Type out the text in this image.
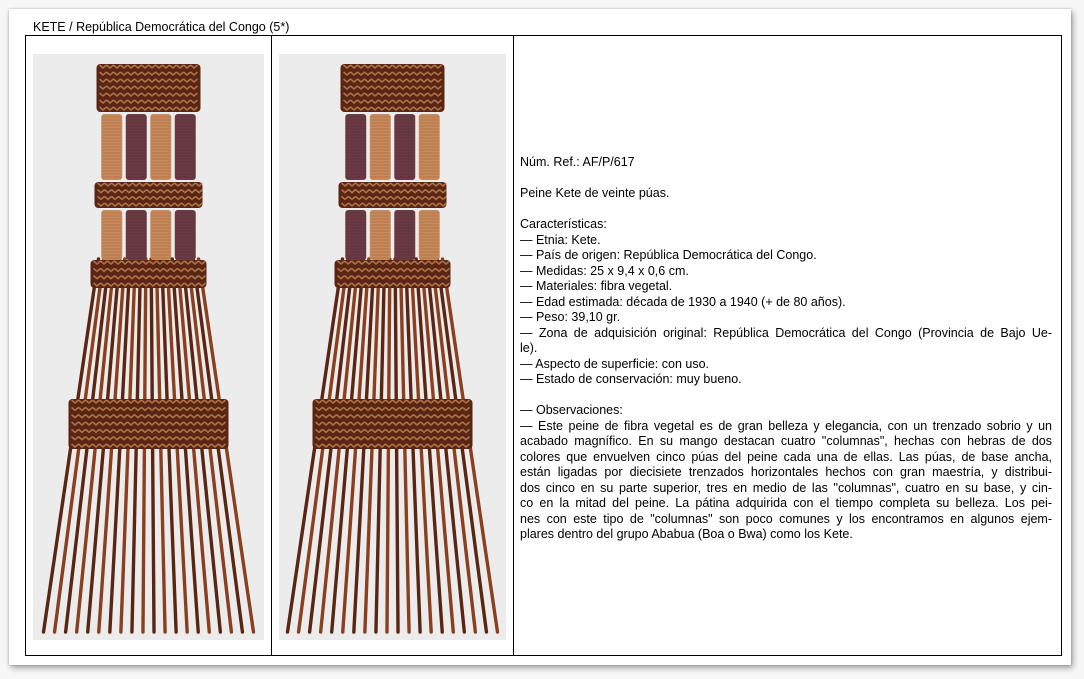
KETE / República Democrática del Congo (5*)

Núm. Ref.: AF/P/617

Peine Kete de veinte púas.

Características:

— Etnia: Kete.

— País de origen: República Democrática del Congo.

— Medidas: 25 x 9,4 x 0,6 cm.

— Materiales: fibra vegetal.

— Edad estimada: década de 1930 a 1940 (+ de 80 años).

— Peso: 39,10 gr.

— Zona de adquisición original: República Democrática del Congo (Provincia de Bajo Ue-

le).

— Aspecto de superficie: con uso.

— Estado de conservación: muy bueno.

— Observaciones:

— Este peine de fibra vegetal es de gran belleza y elegancia, con un trenzado sobrio y un

acabado magnífico. En su mango destacan cuatro "columnas", hechas con hebras de dos

colores que envuelven cinco púas del peine cada una de ellas. Las púas, de base ancha,

están ligadas por diecisiete trenzados horizontales hechos con gran maestría, y distribui-

dos cinco en su parte superior, tres en medio de las "columnas", cuatro en su base, y cin-

co en la mitad del peine. La pátina adquirida con el tiempo completa su belleza. Los pei-

nes con este tipo de "columnas" son poco comunes y los encontramos en algunos ejem-

plares dentro del grupo Ababua (Boa o Bwa) como los Kete.
